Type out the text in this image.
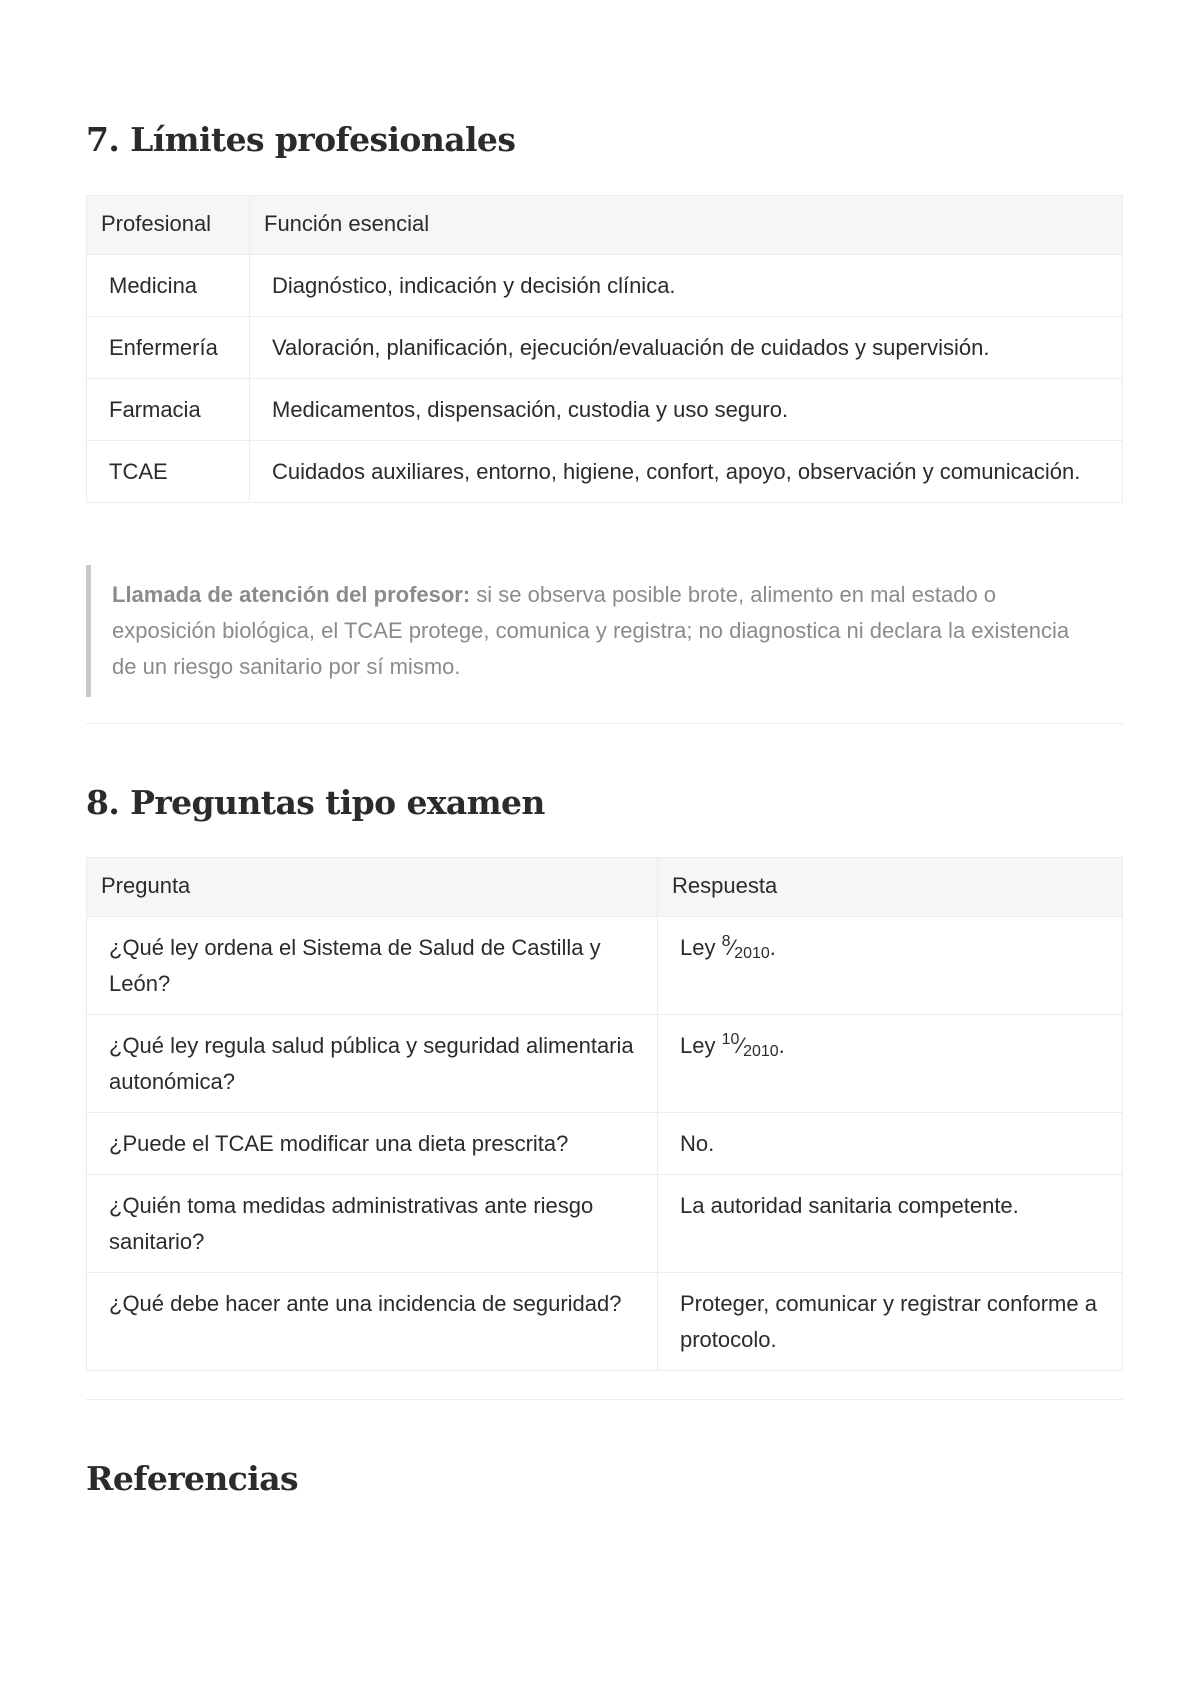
7. Límites profesionales
Profesional	Función esencial
Medicina	Diagnóstico, indicación y decisión clínica.
Enfermería	Valoración, planificación, ejecución/evaluación de cuidados y supervisión.
Farmacia	Medicamentos, dispensación, custodia y uso seguro.
TCAE	Cuidados auxiliares, entorno, higiene, confort, apoyo, observación y comunicación.
Llamada de atención del profesor: si se observa posible brote, alimento en mal estado o exposición biológica, el TCAE protege, comunica y registra; no diagnostica ni declara la existencia de un riesgo sanitario por sí mismo.
8. Preguntas tipo examen
Pregunta	Respuesta
¿Qué ley ordena el Sistema de Salud de Castilla y León?	Ley $^8$⁄2010.
¿Qué ley regula salud pública y seguridad alimentaria autonómica?	Ley $^{10}$⁄2010.
¿Puede el TCAE modificar una dieta prescrita?	No.
¿Quién toma medidas administrativas ante riesgo sanitario?	La autoridad sanitaria competente.
¿Qué debe hacer ante una incidencia de seguridad?	Proteger, comunicar y registrar conforme a protocolo.
Referencias
